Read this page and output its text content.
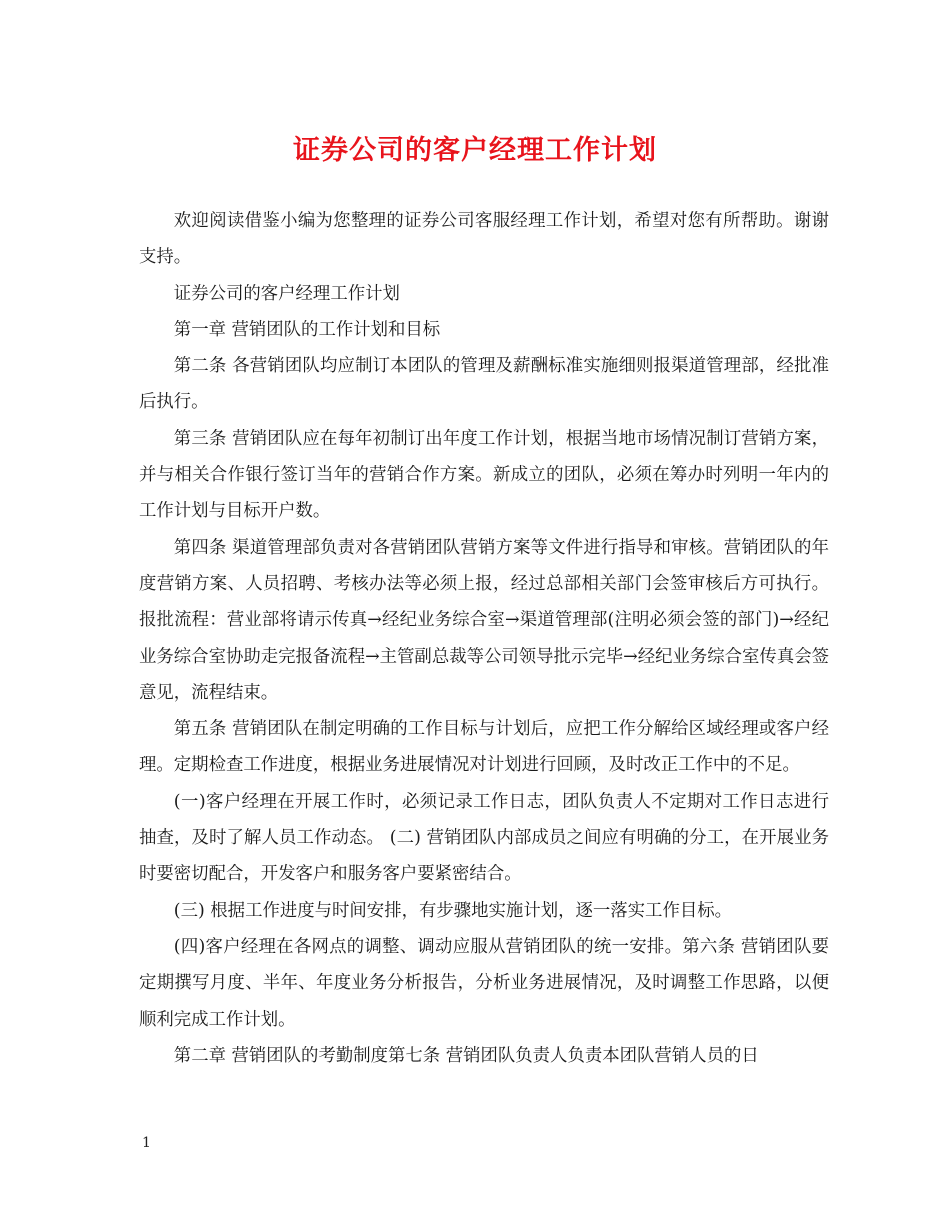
证券公司的客户经理工作计划

欢迎阅读借鉴小编为您整理的证券公司客服经理工作计划，希望对您有所帮助。谢谢支持。

证券公司的客户经理工作计划

第一章 营销团队的工作计划和目标

第二条 各营销团队均应制订本团队的管理及薪酬标准实施细则报渠道管理部，经批准后执行。

第三条 营销团队应在每年初制订出年度工作计划，根据当地市场情况制订营销方案，并与相关合作银行签订当年的营销合作方案。新成立的团队，必须在筹办时列明一年内的工作计划与目标开户数。

第四条 渠道管理部负责对各营销团队营销方案等文件进行指导和审核。营销团队的年度营销方案、人员招聘、考核办法等必须上报，经过总部相关部门会签审核后方可执行。报批流程：营业部将请示传真→经纪业务综合室→渠道管理部(注明必须会签的部门)→经纪业务综合室协助走完报备流程→主管副总裁等公司领导批示完毕→经纪业务综合室传真会签意见，流程结束。

第五条 营销团队在制定明确的工作目标与计划后，应把工作分解给区域经理或客户经理。定期检查工作进度，根据业务进展情况对计划进行回顾，及时改正工作中的不足。

(一)客户经理在开展工作时，必须记录工作日志，团队负责人不定期对工作日志进行抽查，及时了解人员工作动态。 (二) 营销团队内部成员之间应有明确的分工，在开展业务时要密切配合，开发客户和服务客户要紧密结合。

(三) 根据工作进度与时间安排，有步骤地实施计划，逐一落实工作目标。

(四)客户经理在各网点的调整、调动应服从营销团队的统一安排。第六条 营销团队要定期撰写月度、半年、年度业务分析报告，分析业务进展情况，及时调整工作思路，以便顺利完成工作计划。

第二章 营销团队的考勤制度第七条 营销团队负责人负责本团队营销人员的日

1
